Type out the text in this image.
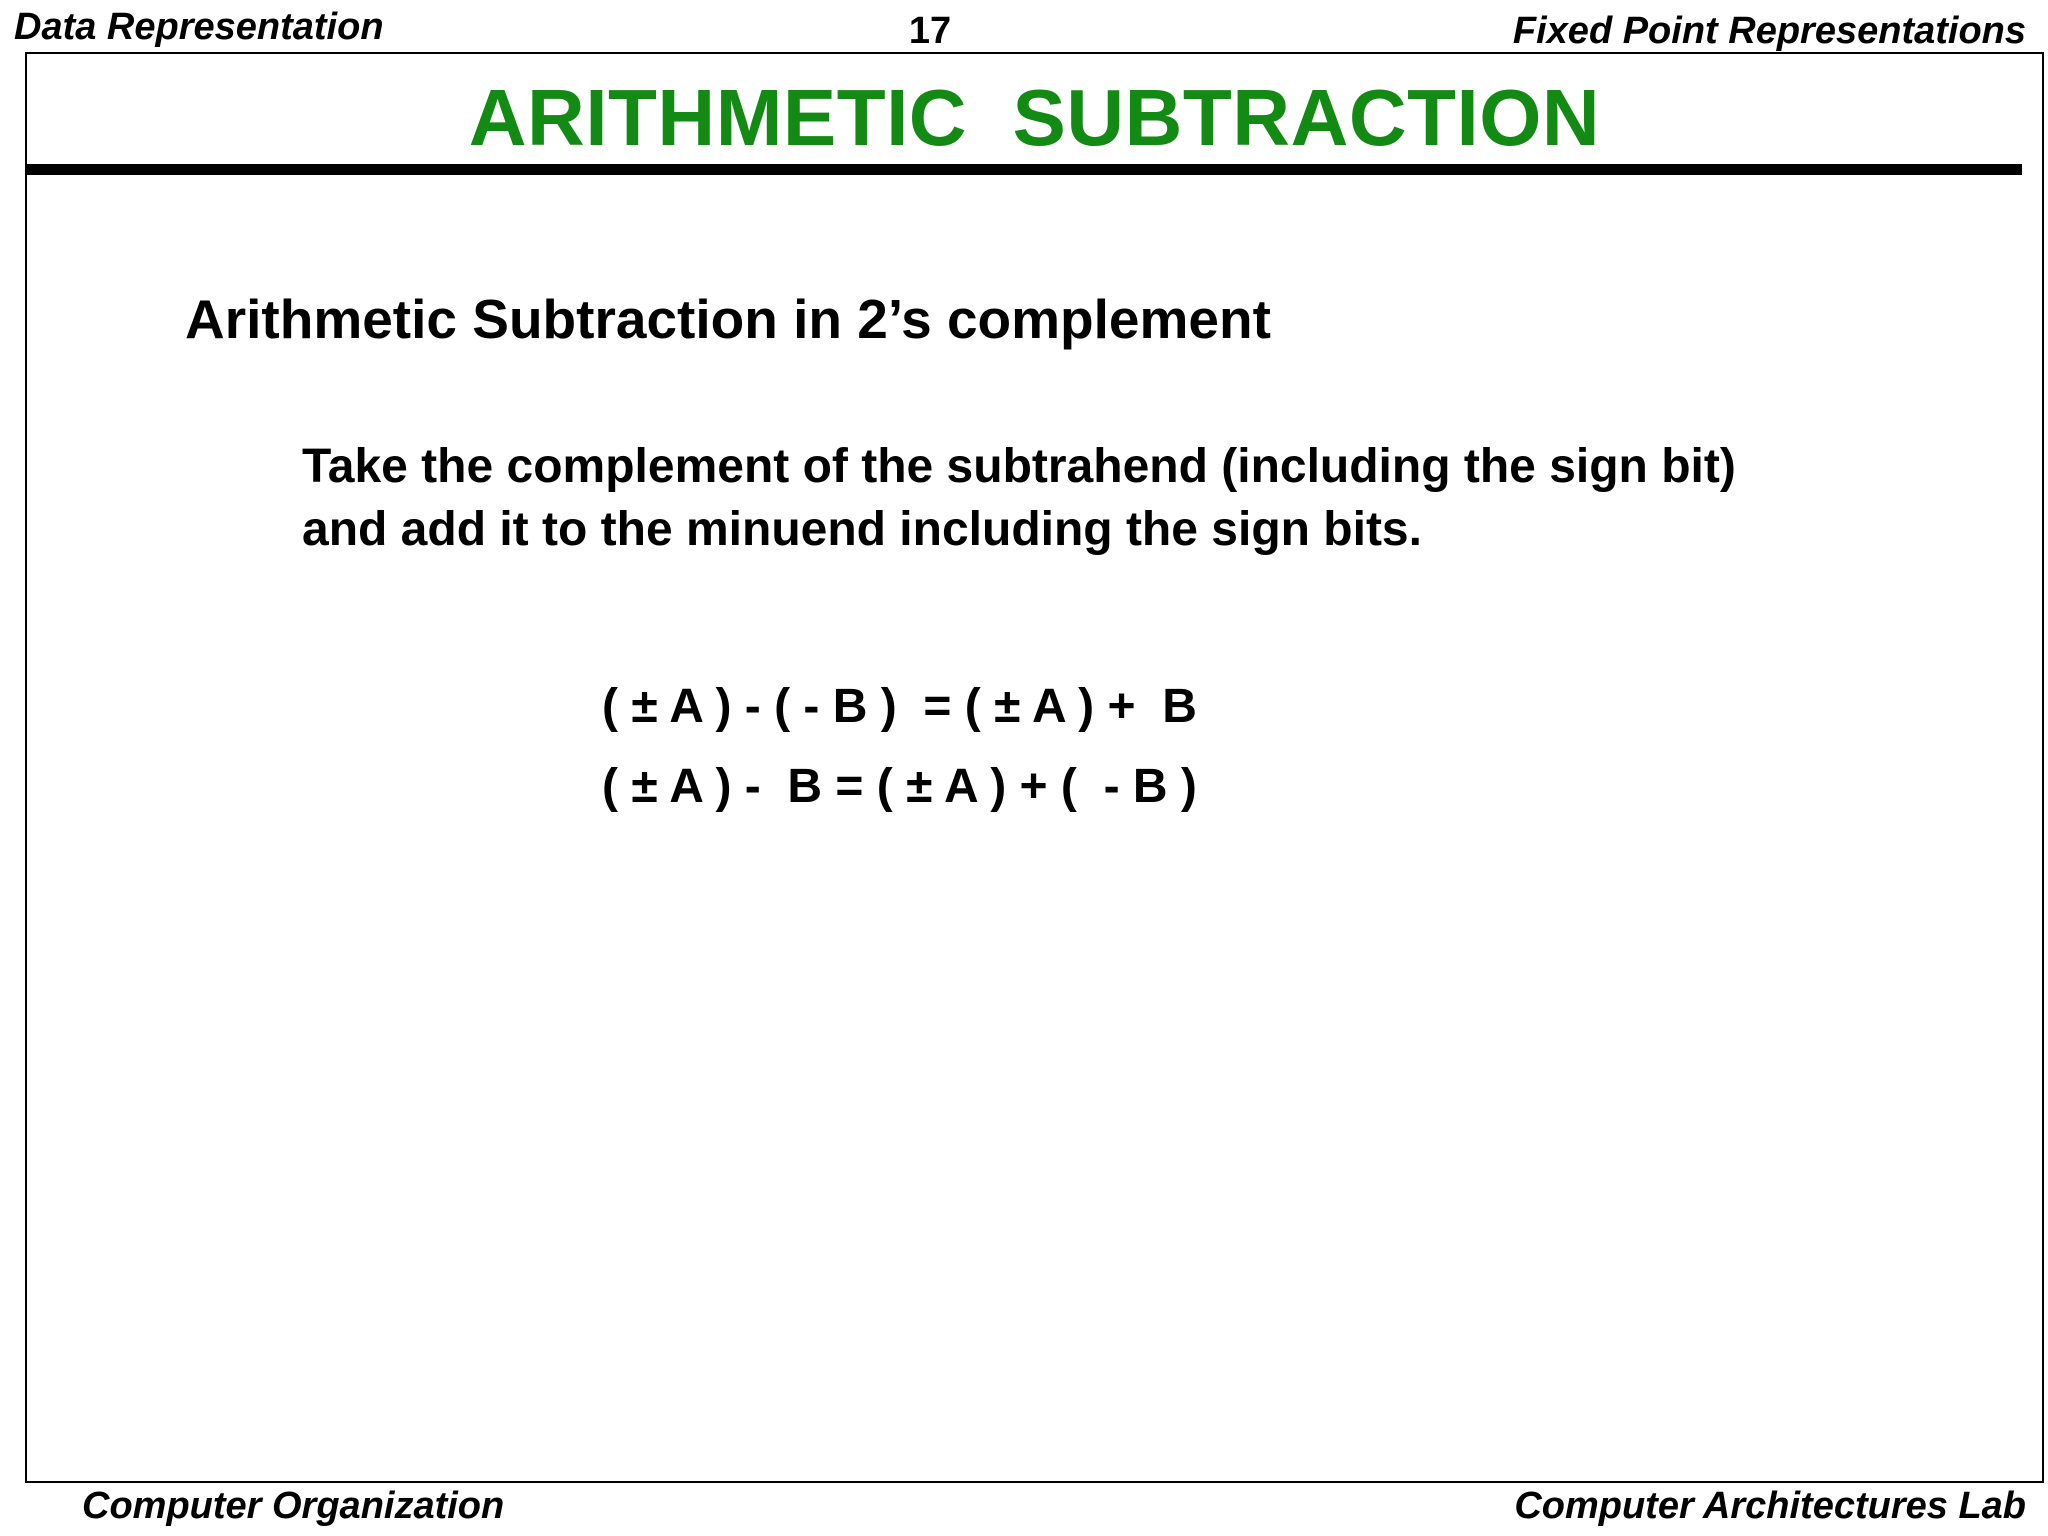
Data Representation	17	Fixed Point Representations
ARITHMETIC  SUBTRACTION
Arithmetic Subtraction in 2’s complement
Take the complement of the subtrahend (including the sign bit)
and add it to the minuend including the sign bits.
( ± A ) - ( - B )  = ( ± A ) +  B
( ± A ) -  B = ( ± A ) + (  - B )
Computer Organization	Computer Architectures Lab
